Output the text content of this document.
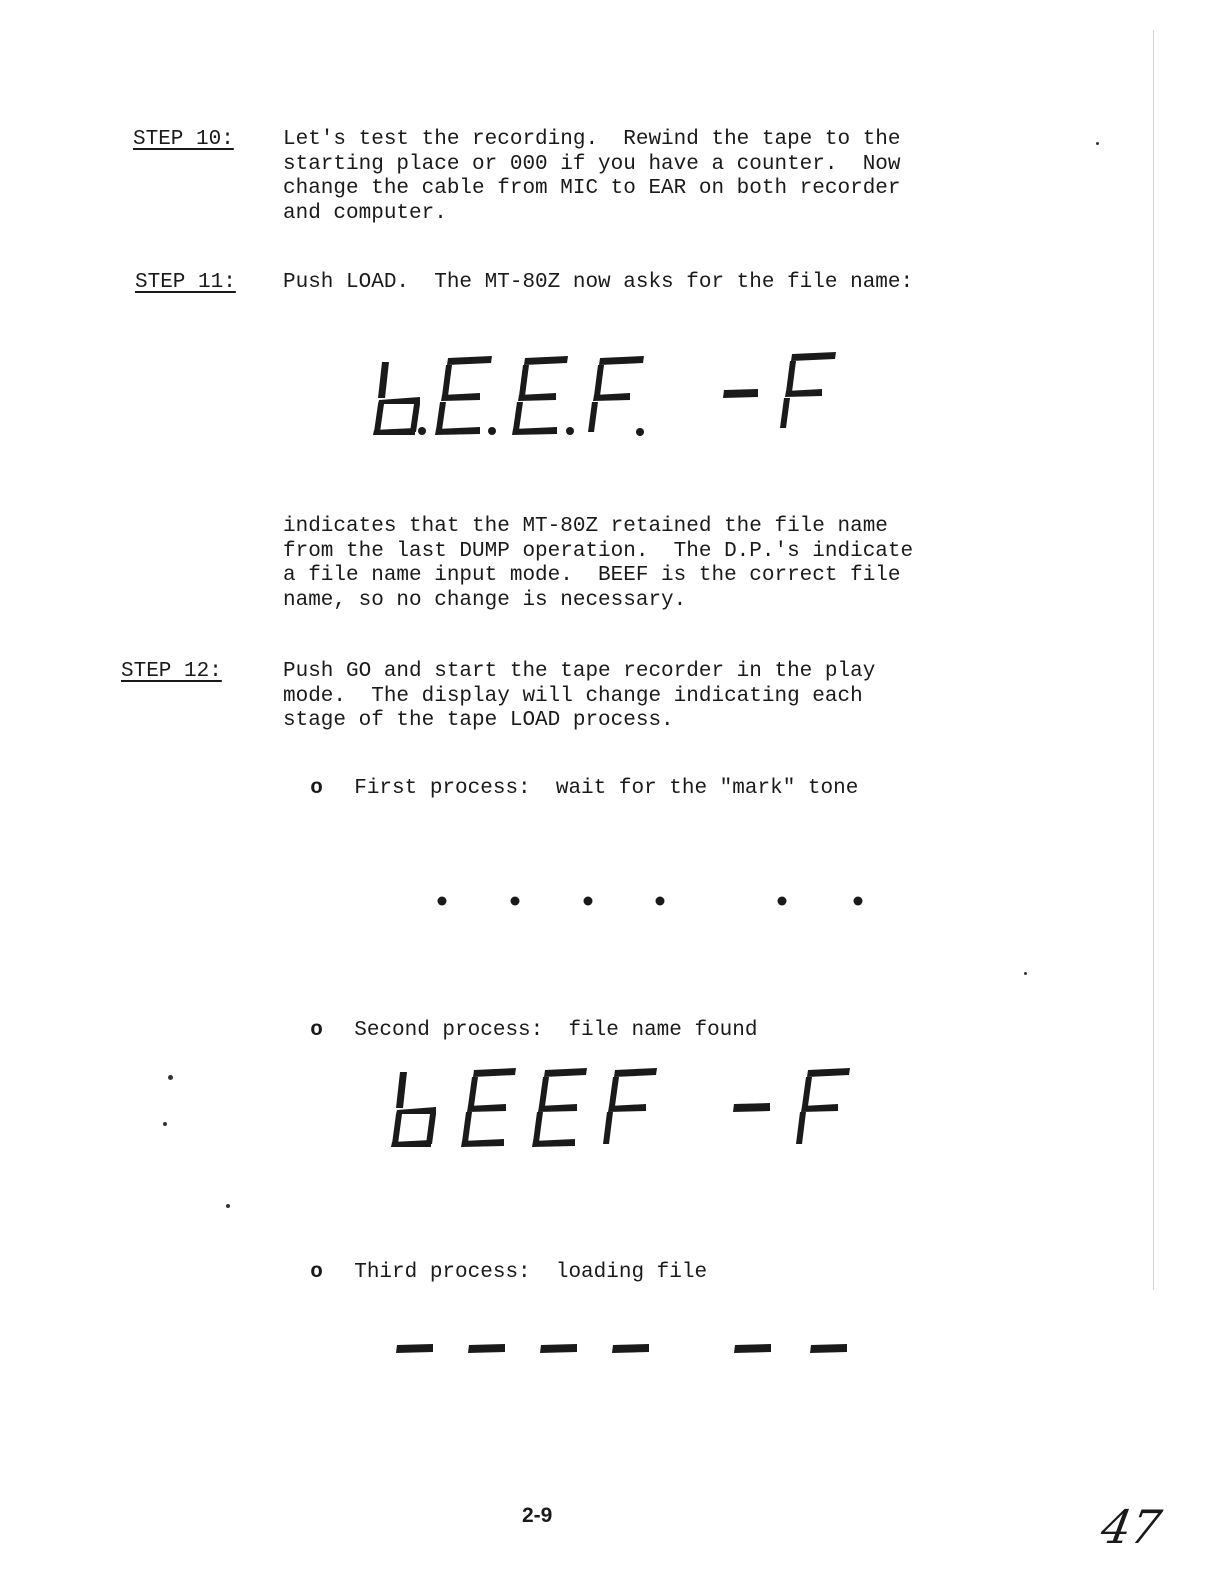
STEP 10: Let's test the recording.  Rewind the tape to the
starting place or 000 if you have a counter.  Now
change the cable from MIC to EAR on both recorder
and computer.
STEP 11: Push LOAD.  The MT-80Z now asks for the file name:
bEEF -F
indicates that the MT-80Z retained the file name
from the last DUMP operation.  The D.P.'s indicate
a file name input mode.  BEEF is the correct file
name, so no change is necessary.
STEP 12:	Push GO and start the tape recorder in the play
mode.  The display will change indicating each
stage of the tape LOAD process.

o First process:  wait for the "mark" tone

o Second process:  file name found

bEEF -F

o Third process:  loading file

2-9	47
